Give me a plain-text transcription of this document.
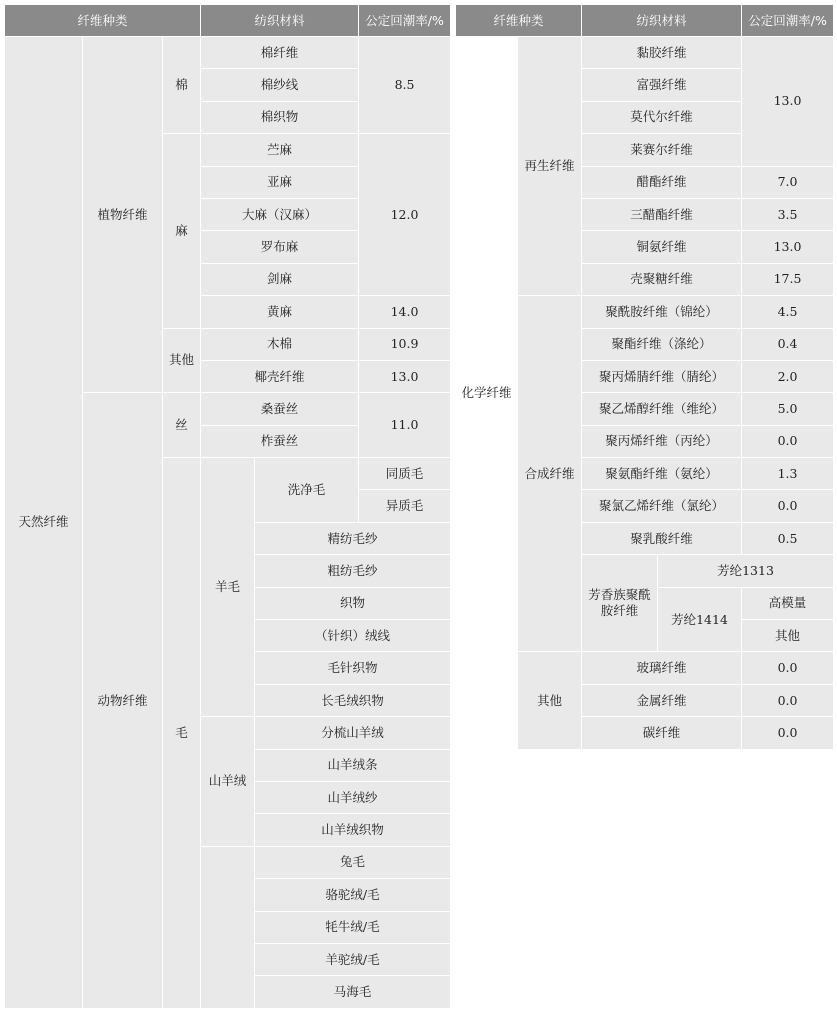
纤维种类			纺织材料		公定回潮率/%	
天然纤维	植物纤维	棉	棉纤维		8.5	
			棉纱线			
			棉织物			
		麻	苎麻		12.0	
			亚麻			
			大麻（汉麻）			
			罗布麻			
			剑麻			
			黄麻		14.0	
		其他	木棉		10.9	
			椰壳纤维		13.0	
	动物纤维	丝	桑蚕丝		11.0	
			柞蚕丝			
		毛	羊毛	洗净毛	同质毛	
					异质毛	
				精纺毛纱	
				粗纺毛纱	
				织物	
				（针织）绒线		
				毛针织物		
				长毛绒织物	
			山羊绒	分梳山羊绒	
				山羊绒条	
				山羊绒纱		
				山羊绒织物		
				兔毛	
				骆驼绒/毛		
				牦牛绒/毛		
				羊驼绒/毛		
				马海毛	
纤维种类		纺织材料		公定回潮率/%	
化学纤维	再生纤维	黏胶纤维		13.0	
		富强纤维			
		莫代尔纤维			
		莱赛尔纤维			
		醋酯纤维		7.0	
		三醋酯纤维		3.5	
		铜氨纤维		13.0	
		壳聚糖纤维		17.5	
	合成纤维	聚酰胺纤维（锦纶）		4.5	
		聚酯纤维（涤纶）		0.4	
		聚丙烯腈纤维（腈纶）		2.0	
		聚乙烯醇纤维（维纶）		5.0	
		聚丙烯纤维（丙纶）		0.0	
		聚氨酯纤维（氨纶）		1.3	
		聚氯乙烯纤维（氯纶）		0.0	
		聚乳酸纤维		0.5	
		芳香族聚酰胺纤维	芳纶1313	
			芳纶1414	高模量	
				其他	
	其他	玻璃纤维		0.0	
		金属纤维		0.0	
		碳纤维		0.0	
